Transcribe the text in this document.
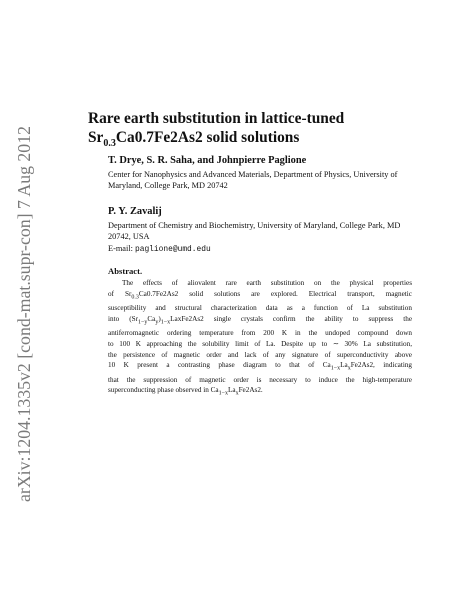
arXiv:1204.1335v2 [cond-mat.supr-con] 7 Aug 2012
Rare earth substitution in lattice-tuned
$Sr_{0.3}Ca0.7Fe2As2$ solid solutions

T. Drye, S. R. Saha, and Johnpierre Paglione

Center for Nanophysics and Advanced Materials, Department of Physics, University of Maryland, College Park, MD 20742

P. Y. Zavalij

Department of Chemistry and Biochemistry, University of Maryland, College Park, MD 20742, USA

E-mail: paglione@umd.edu

Abstract.

The effects of aliovalent rare earth substitution on the physical properties

of $Sr_{0.3}Ca0.7Fe2As2$ solid solutions are explored. Electrical transport, magnetic

susceptibility and structural characterization data as a function of La substitution

into $(Sr_{1-y}Ca_y)_{1-x}LaxFe2As2$ single crystals confirm the ability to suppress the

antiferromagnetic ordering temperature from 200 K in the undoped compound down

to 100 K approaching the solubility limit of La. Despite up to ∼ 30% La substitution,

the persistence of magnetic order and lack of any signature of superconductivity above

10 K present a contrasting phase diagram to that of $Ca_{1-x}La_xFe2As2$, indicating

that the suppression of magnetic order is necessary to induce the high-temperature

superconducting phase observed in $Ca_{1-x}La_xFe2As2$.
